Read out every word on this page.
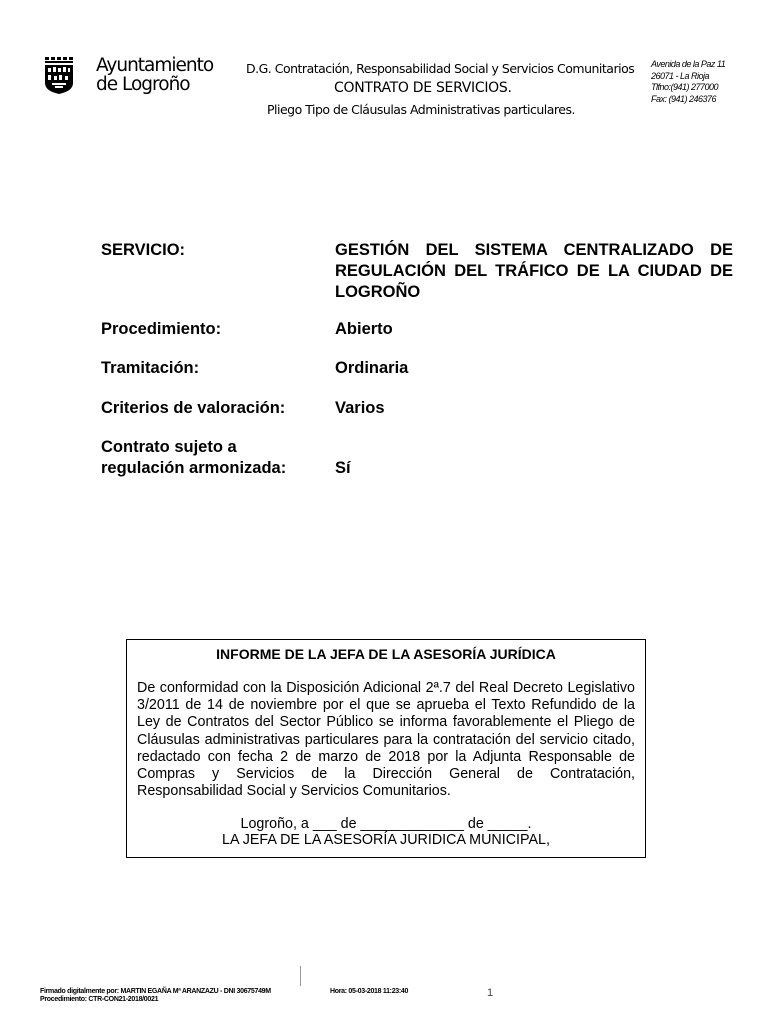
Ayuntamiento
de Logroño
D.G. Contratación, Responsabilidad Social y Servicios Comunitarios
CONTRATO DE SERVICIOS.
Pliego Tipo de Cláusulas Administrativas particulares.
Avenida de la Paz 11
26071 - La Rioja
Tlfno:(941) 277000
Fax: (941) 246376
SERVICIO:	GESTIÓN DEL SISTEMA CENTRALIZADO DE REGULACIÓN DEL TRÁFICO DE LA CIUDAD DE LOGROÑO
Procedimiento:	Abierto
Tramitación:	Ordinaria
Criterios de valoración:	Varios
Contrato sujeto a
regulación armonizada:	Sí
INFORME DE LA JEFA DE LA ASESORÍA JURÍDICA
De conformidad con la Disposición Adicional 2ª.7 del Real Decreto Legislativo 3/2011 de 14 de noviembre por el que se aprueba el Texto Refundido de la Ley de Contratos del Sector Público se informa favorablemente el Pliego de Cláusulas administrativas particulares para la contratación del servicio citado, redactado con fecha 2 de marzo de 2018 por la Adjunta Responsable de Compras y Servicios de la Dirección General de Contratación, Responsabilidad Social y Servicios Comunitarios.
Logroño, a ___ de _____________ de _____.
LA JEFA DE LA ASESORÍA JURIDICA MUNICIPAL,
Firmado digitalmente por: MARTIN EGAÑA Mª ARANZAZU - DNI 30675749M
Procedimiento: CTR-CON21-2018/0021
Hora: 05-03-2018 11:23:40	1
